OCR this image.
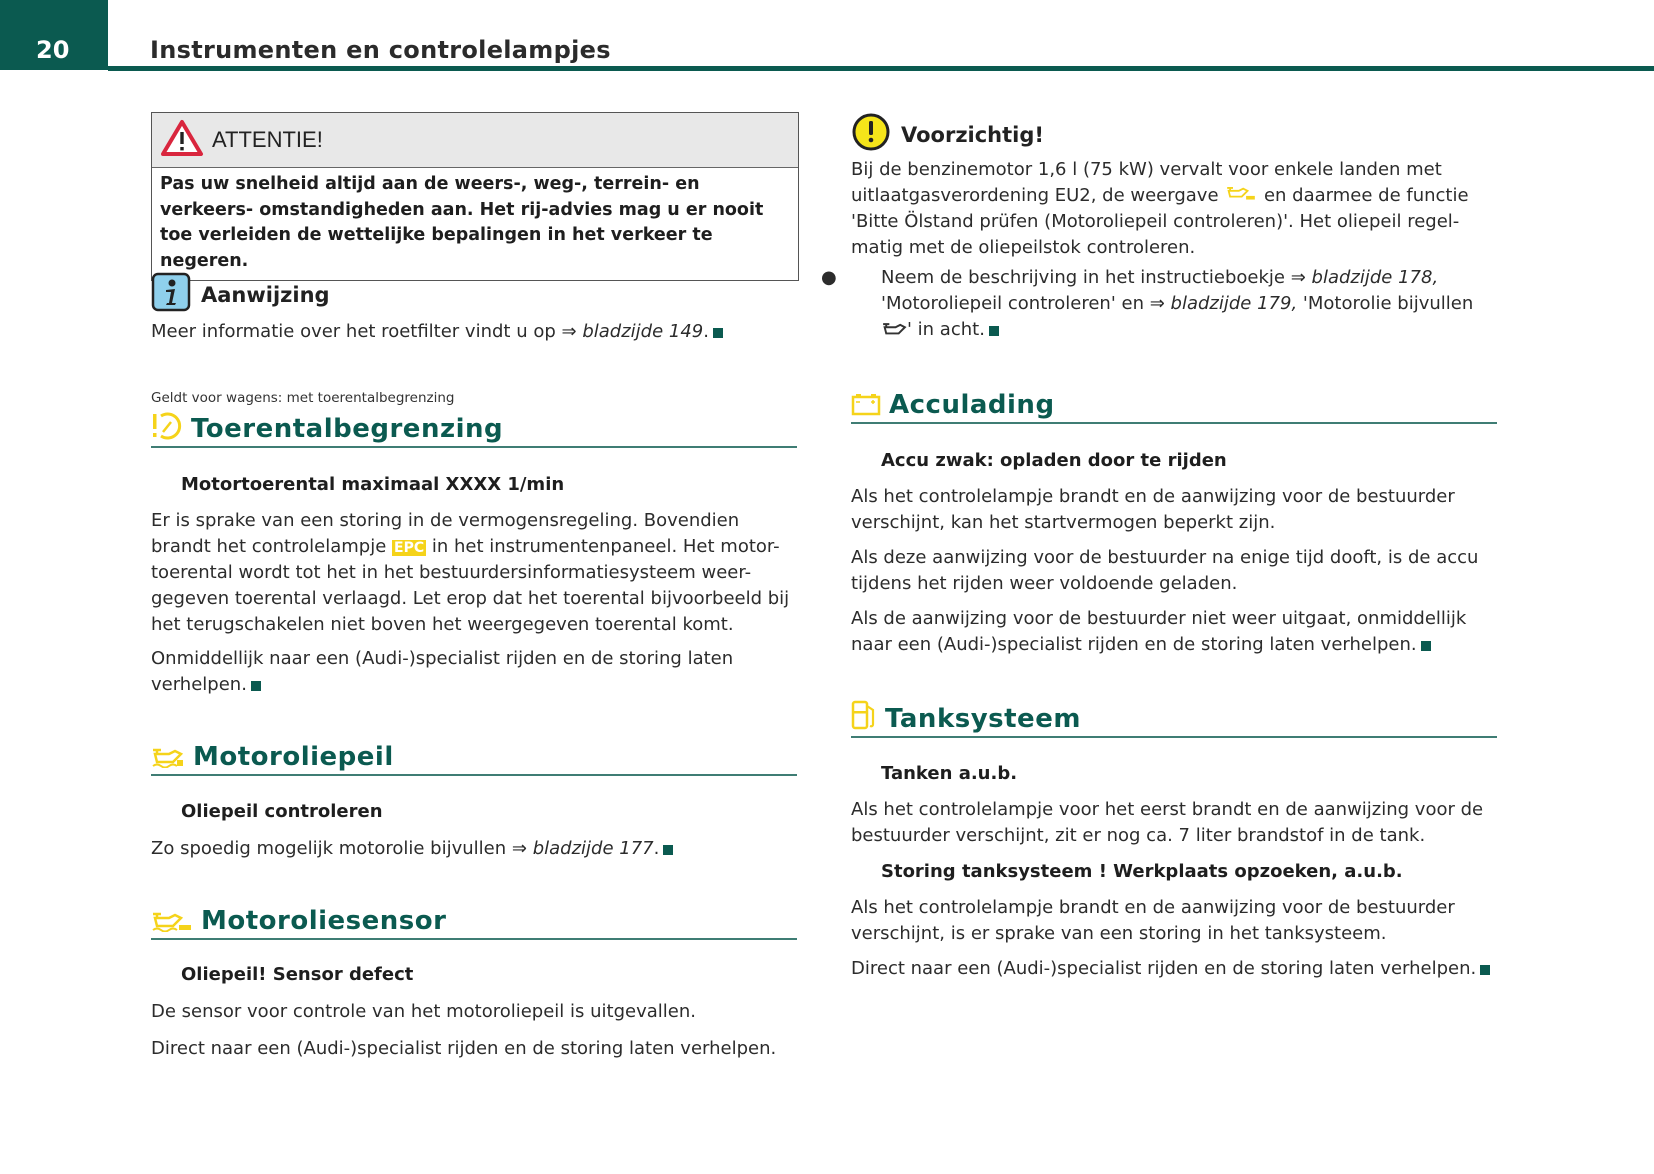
20	Instrumenten en controlelampjes
ATTENTIE!
Pas uw snelheid altijd aan de weers-, weg-, terrein- en verkeers- omstandigheden aan. Het rij-advies mag u er nooit toe verleiden de wettelijke bepalingen in het verkeer te negeren.
Aanwijzing

Meer informatie over het roetfilter vindt u op ⇒ bladzijde 149.

Geldt voor wagens: met toerentalbegrenzing
Toerentalbegrenzing
Motortoerental maximaal XXXX 1/min

Er is sprake van een storing in de vermogensregeling. Bovendien brandt het controlelampje EPC in het instrumentenpaneel. Het motor- toerental wordt tot het in het bestuurdersinformatiesysteem weer- gegeven toerental verlaagd. Let erop dat het toerental bijvoorbeeld bij het terugschakelen niet boven het weergegeven toerental komt.

Onmiddellijk naar een (Audi-)specialist rijden en de storing laten verhelpen.

Motoroliepeil
Oliepeil controleren

Zo spoedig mogelijk motorolie bijvullen ⇒ bladzijde 177.

Motoroliesensor
Oliepeil! Sensor defect

De sensor voor controle van het motoroliepeil is uitgevallen.

Direct naar een (Audi-)specialist rijden en de storing laten verhelpen.

Voorzichtig!

Bij de benzinemotor 1,6 l (75 kW) vervalt voor enkele landen met uitlaatgasverordening EU2, de weergave  en daarmee de functie 'Bitte Ölstand prüfen (Motoroliepeil controleren)'. Het oliepeil regel- matig met de oliepeilstok controleren.

● Neem de beschrijving in het instructieboekje ⇒ bladzijde 178, 'Motoroliepeil controleren' en ⇒ bladzijde 179, 'Motorolie bijvullen ' in acht.

Acculading
Accu zwak: opladen door te rijden

Als het controlelampje brandt en de aanwijzing voor de bestuurder verschijnt, kan het startvermogen beperkt zijn.

Als deze aanwijzing voor de bestuurder na enige tijd dooft, is de accu tijdens het rijden weer voldoende geladen.

Als de aanwijzing voor de bestuurder niet weer uitgaat, onmiddellijk naar een (Audi-)specialist rijden en de storing laten verhelpen.

Tanksysteem
Tanken a.u.b.

Als het controlelampje voor het eerst brandt en de aanwijzing voor de bestuurder verschijnt, zit er nog ca. 7 liter brandstof in de tank.

Storing tanksysteem ! Werkplaats opzoeken, a.u.b.

Als het controlelampje brandt en de aanwijzing voor de bestuurder verschijnt, is er sprake van een storing in het tanksysteem.

Direct naar een (Audi-)specialist rijden en de storing laten verhelpen.
